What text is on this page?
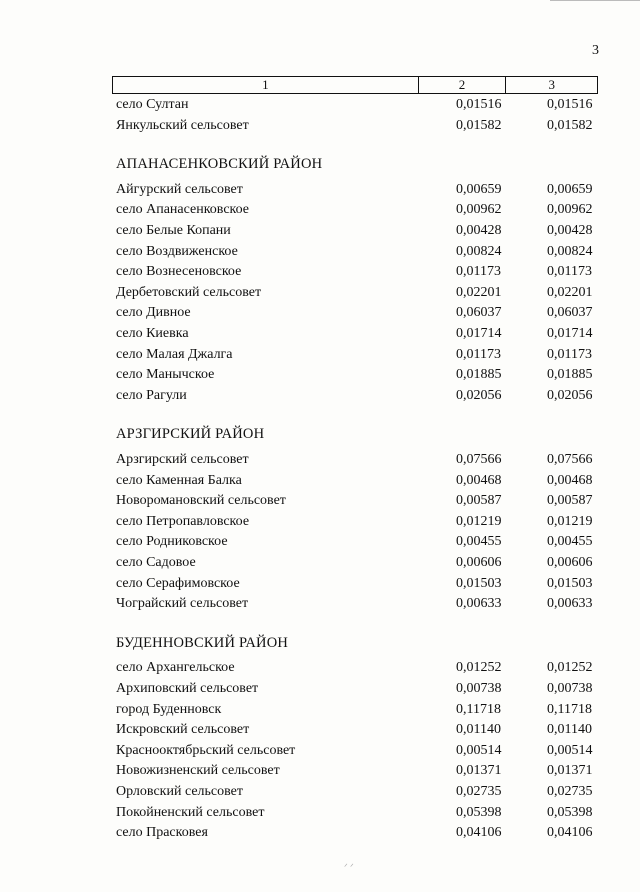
3
1	2	3
село Султан	0,01516	0,01516
Янкульский сельсовет	0,01582	0,01582
АПАНАСЕНКОВСКИЙ РАЙОН
Айгурский сельсовет	0,00659	0,00659
село Апанасенковское	0,00962	0,00962
село Белые Копани	0,00428	0,00428
село Воздвиженское	0,00824	0,00824
село Вознесеновское	0,01173	0,01173
Дербетовский сельсовет	0,02201	0,02201
село Дивное	0,06037	0,06037
село Киевка	0,01714	0,01714
село Малая Джалга	0,01173	0,01173
село Манычское	0,01885	0,01885
село Рагули	0,02056	0,02056
АРЗГИРСКИЙ РАЙОН
Арзгирский сельсовет	0,07566	0,07566
село Каменная Балка	0,00468	0,00468
Новоромановский сельсовет	0,00587	0,00587
село Петропавловское	0,01219	0,01219
село Родниковское	0,00455	0,00455
село Садовое	0,00606	0,00606
село Серафимовское	0,01503	0,01503
Чограйский сельсовет	0,00633	0,00633
БУДЕННОВСКИЙ РАЙОН
село Архангельское	0,01252	0,01252
Архиповский сельсовет	0,00738	0,00738
город Буденновск	0,11718	0,11718
Искровский сельсовет	0,01140	0,01140
Краснооктябрьский сельсовет	0,00514	0,00514
Новожизненский сельсовет	0,01371	0,01371
Орловский сельсовет	0,02735	0,02735
Покойненский сельсовет	0,05398	0,05398
село Прасковея	0,04106	0,04106
ᐟ ᐟ
